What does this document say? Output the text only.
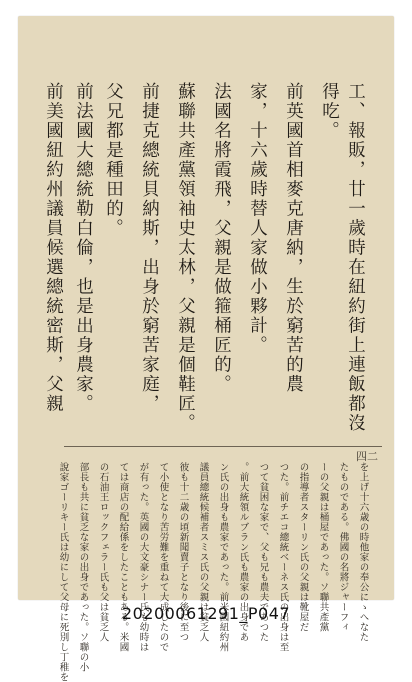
四二
工、報販，廿一歲時在紐約街上連飯都沒
得吃。
前英國首相麥克唐納，生於窮苦的農
家，十六歲時替人家做小夥計。
法國名將霞飛，父親是做箍桶匠的。
蘇聯共產黨領袖史太林，父親是個鞋匠。
前捷克總統貝納斯，出身於窮苦家庭，
父兄都是種田的。
前法國大總統勒白倫，也是出身農家。
前美國紐約州議員候選總統密斯，父親
を上げ十六歳の時他家の奉公にゝへなた
たものである。佛國の名將ジャーフィ
ーの父親は桶屋であった。ソ聯共產黨
の指導者スターリン氏の父親は靴屋だ
つた。前チエコ總統ベーネス氏の出身は至
つて貧困な家で、父も兄も農夫であつた
。前大統領ルブラン氏も農家の出身であ
ン氏の出身も農家であった。前米國紐約州
議員總統候補者スミス氏の父親は貧乏人
彼も十二歳の頃新聞賣子となり後に至つ
て小使となり苦労難を重ねて大成したので
が有った。英國の大文豪シナー氏も幼時は
ては商店の配給係をしたこともある。米國
の石油王ロックフェラー氏も父は貧乏人
部長も共に貧乏な家の出身であった。ソ聯の小
說家ゴーリキー氏は幼にして父母に死別し丁稚を	20200061291_P047
